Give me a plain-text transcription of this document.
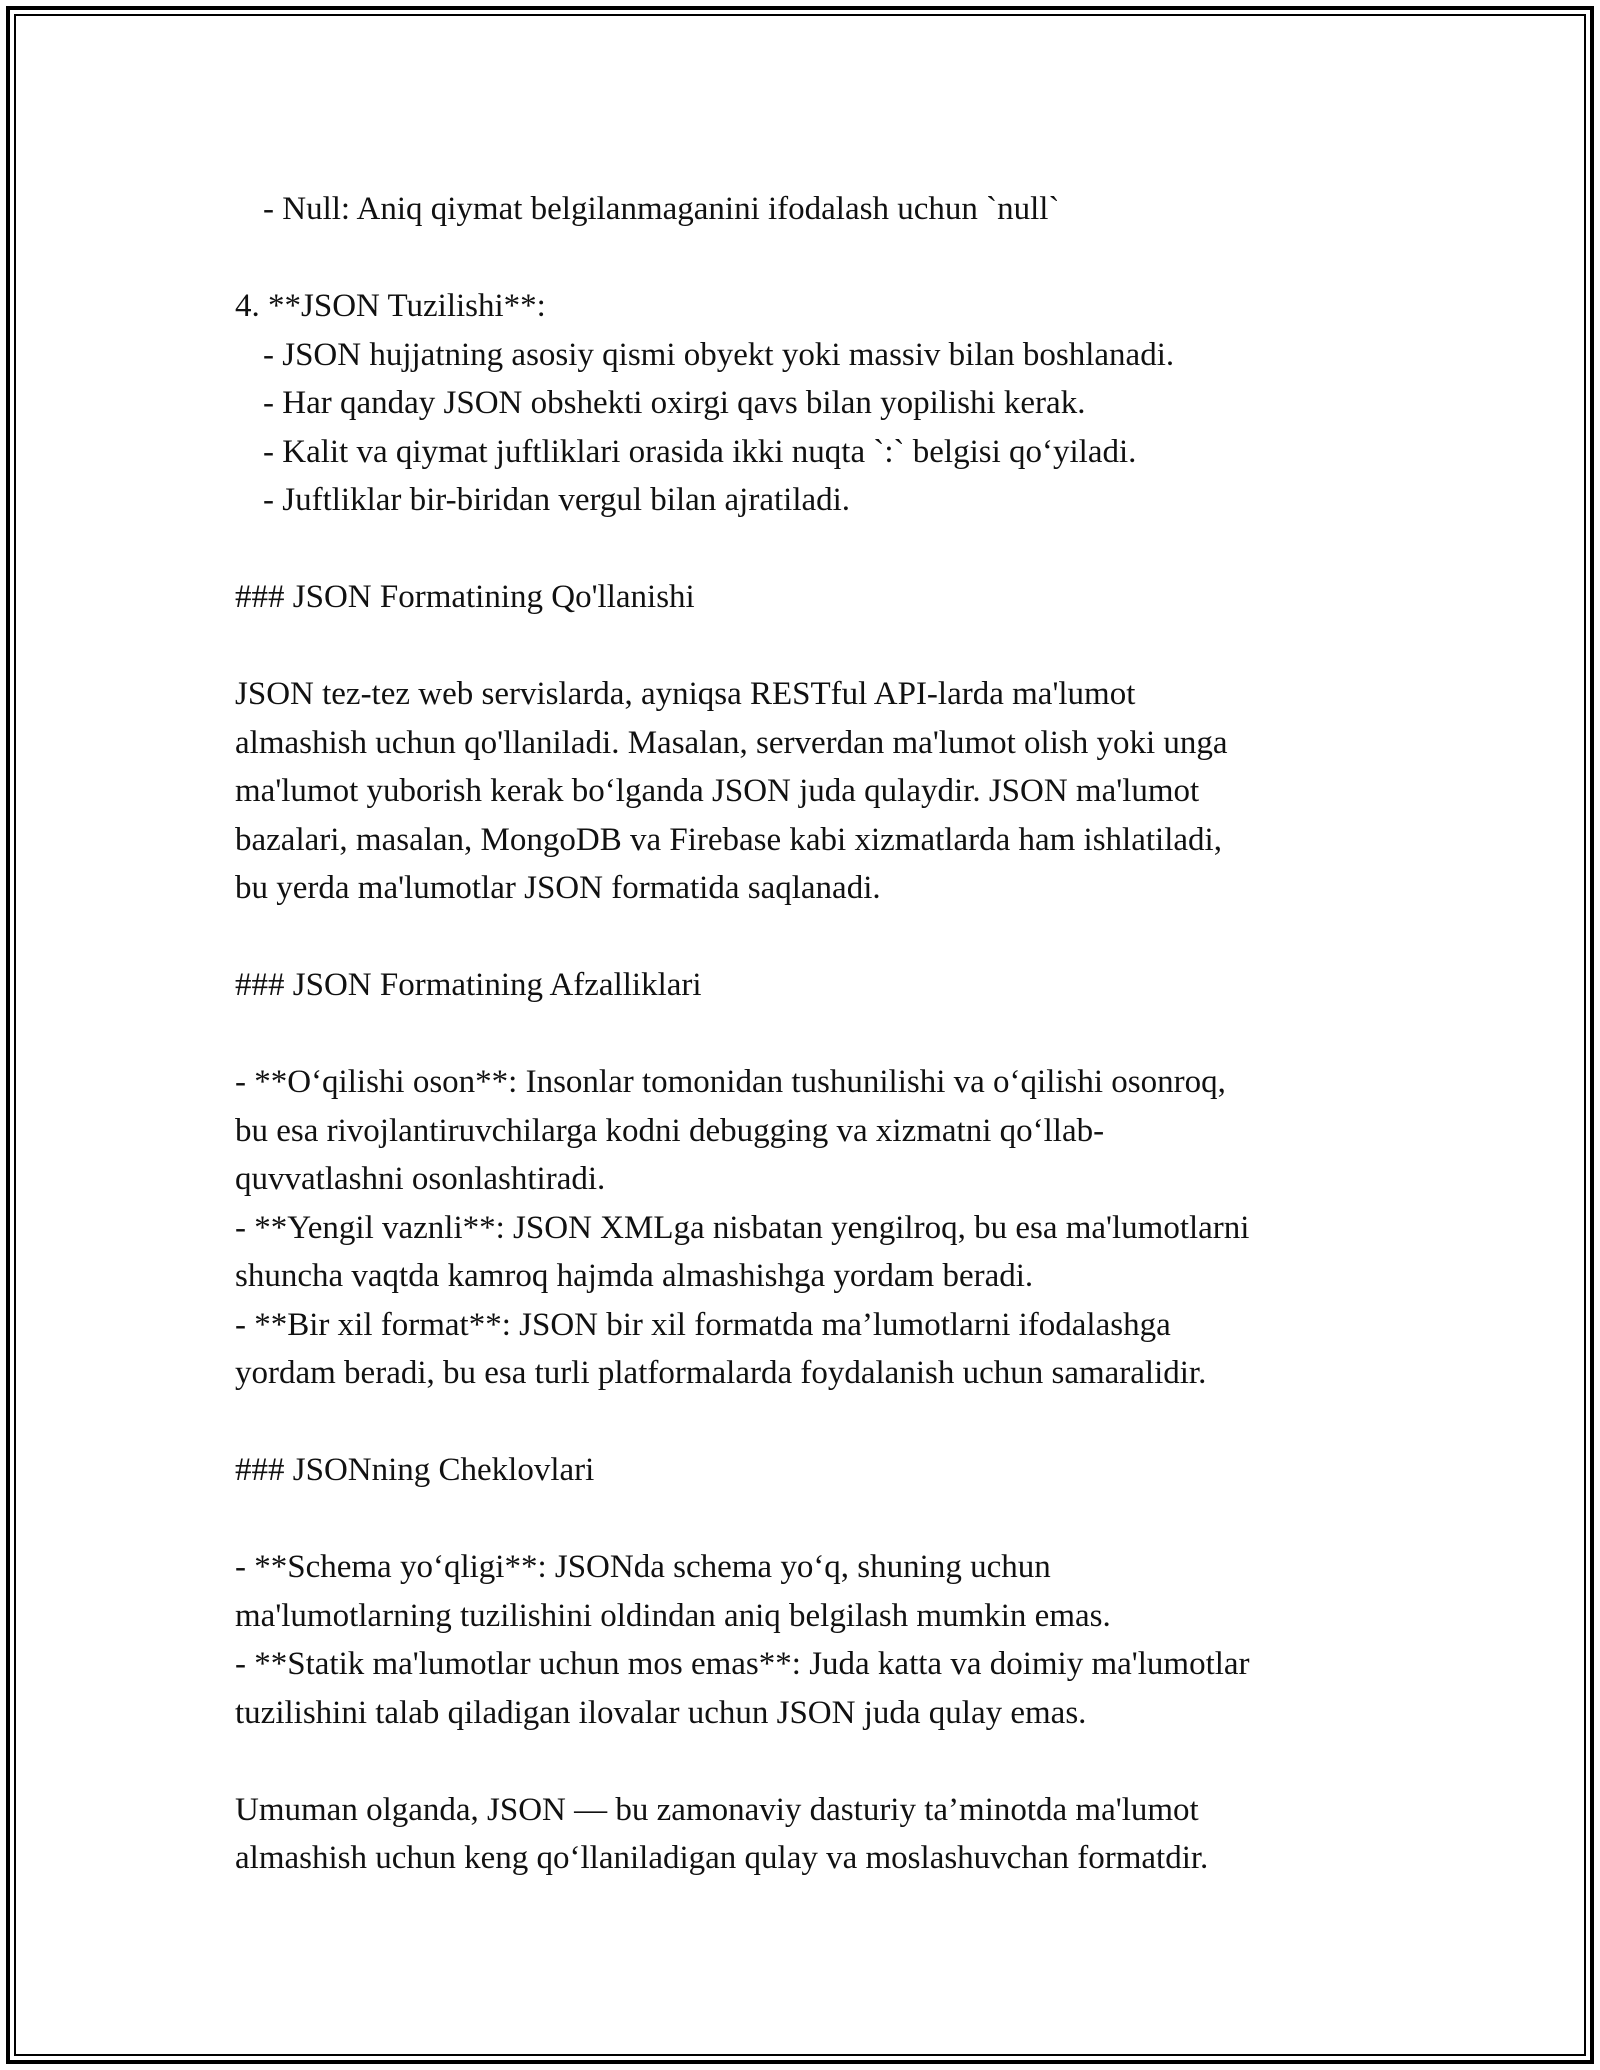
- Null: Aniq qiymat belgilanmaganini ifodalash uchun `null`
4. **JSON Tuzilishi**:
- JSON hujjatning asosiy qismi obyekt yoki massiv bilan boshlanadi.
- Har qanday JSON obshekti oxirgi qavs bilan yopilishi kerak.
- Kalit va qiymat juftliklari orasida ikki nuqta `:` belgisi qo‘yiladi.
- Juftliklar bir-biridan vergul bilan ajratiladi.
### JSON Formatining Qo'llanishi
JSON tez-tez web servislarda, ayniqsa RESTful API-larda ma'lumot
almashish uchun qo'llaniladi. Masalan, serverdan ma'lumot olish yoki unga
ma'lumot yuborish kerak bo‘lganda JSON juda qulaydir. JSON ma'lumot
bazalari, masalan, MongoDB va Firebase kabi xizmatlarda ham ishlatiladi,
bu yerda ma'lumotlar JSON formatida saqlanadi.
### JSON Formatining Afzalliklari
- **O‘qilishi oson**: Insonlar tomonidan tushunilishi va o‘qilishi osonroq,
bu esa rivojlantiruvchilarga kodni debugging va xizmatni qo‘llab-
quvvatlashni osonlashtiradi.
- **Yengil vaznli**: JSON XMLga nisbatan yengilroq, bu esa ma'lumotlarni
shuncha vaqtda kamroq hajmda almashishga yordam beradi.
- **Bir xil format**: JSON bir xil formatda ma’lumotlarni ifodalashga
yordam beradi, bu esa turli platformalarda foydalanish uchun samaralidir.
### JSONning Cheklovlari
- **Schema yo‘qligi**: JSONda schema yo‘q, shuning uchun
ma'lumotlarning tuzilishini oldindan aniq belgilash mumkin emas.
- **Statik ma'lumotlar uchun mos emas**: Juda katta va doimiy ma'lumotlar
tuzilishini talab qiladigan ilovalar uchun JSON juda qulay emas.
Umuman olganda, JSON — bu zamonaviy dasturiy ta’minotda ma'lumot
almashish uchun keng qo‘llaniladigan qulay va moslashuvchan formatdir.
